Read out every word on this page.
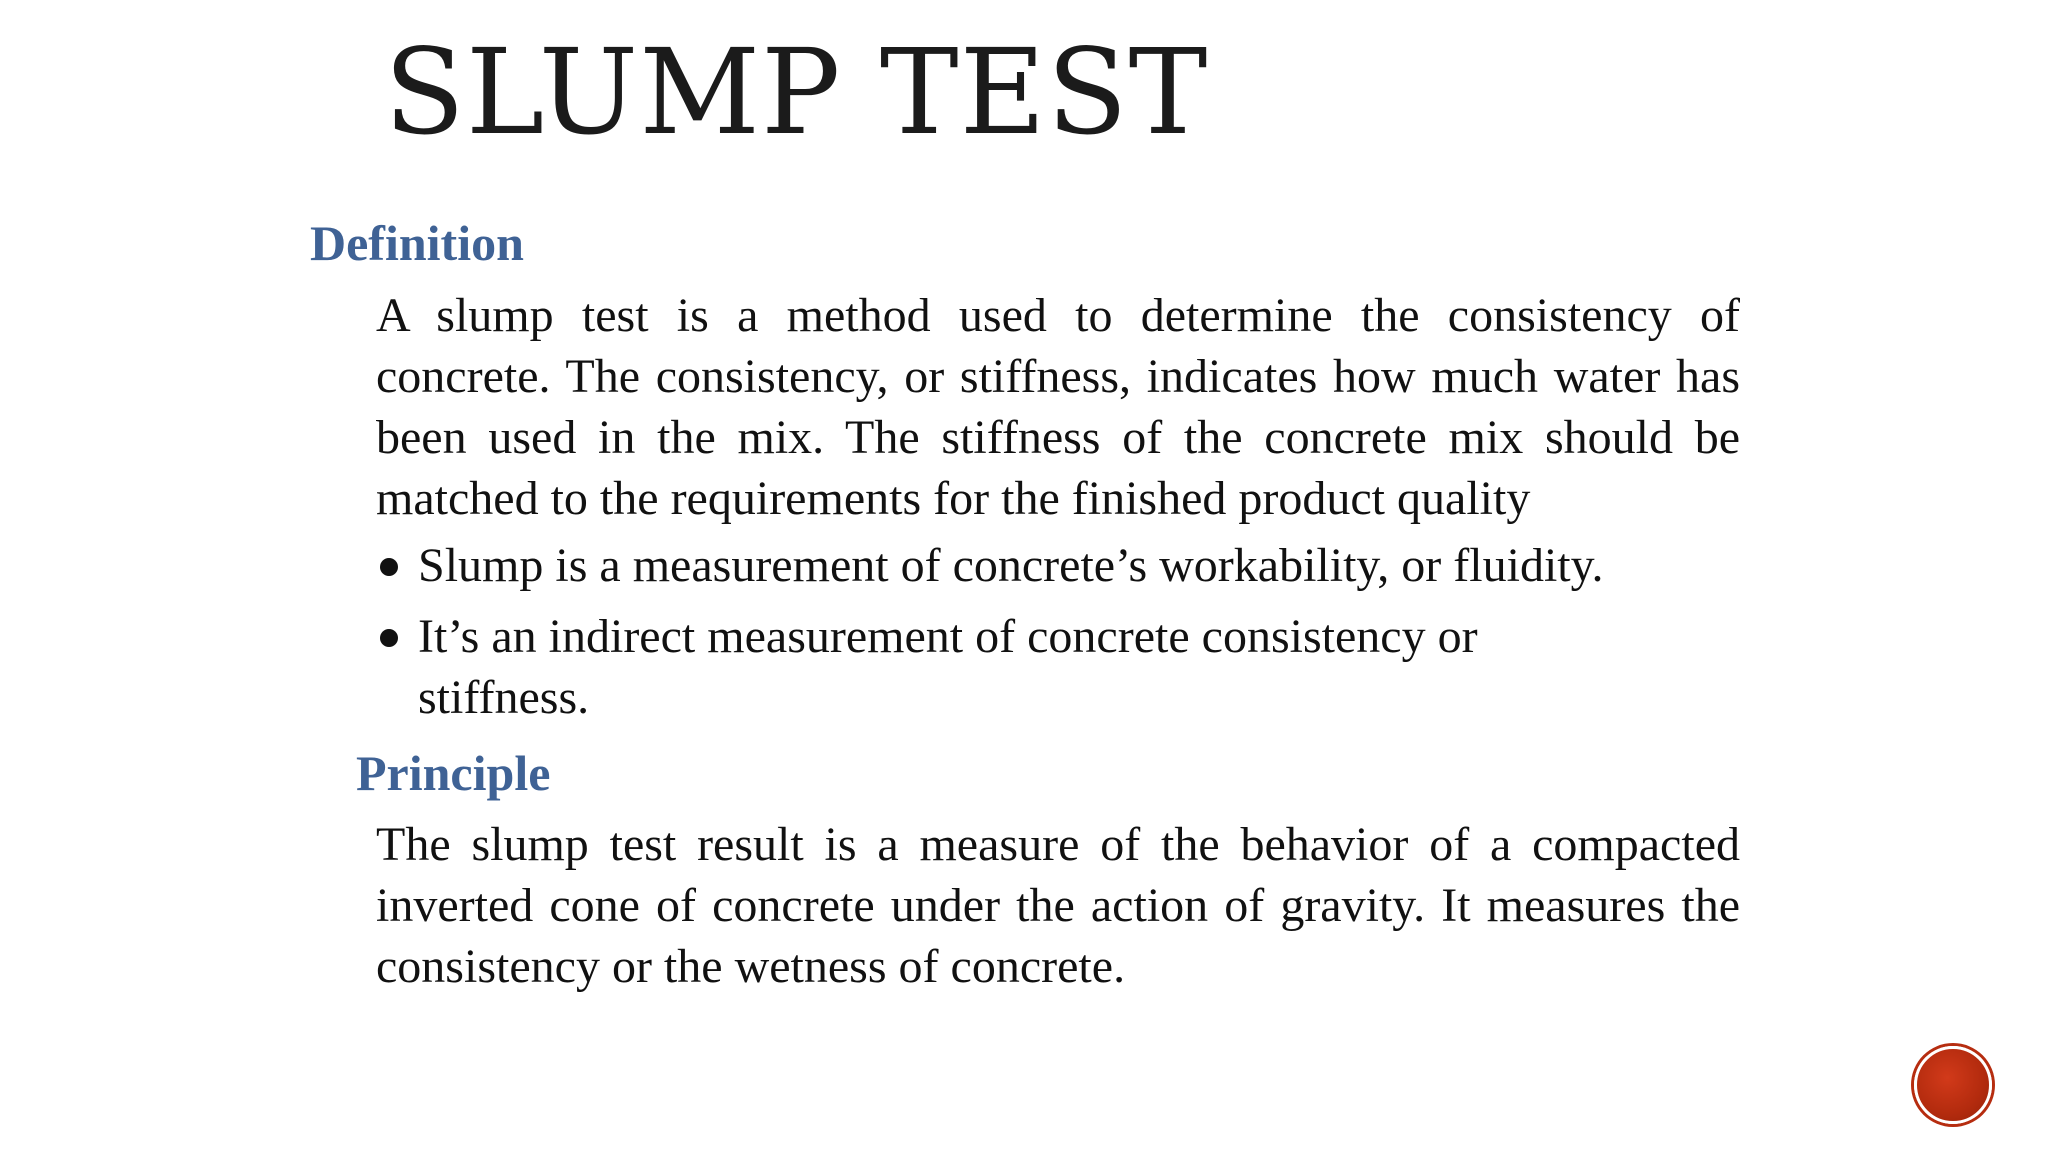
SLUMP TEST
Definition

A slump test is a method used to determine the consistency of concrete. The consistency, or stiffness, indicates how much water has been used in the mix. The stiffness of the concrete mix should be matched to the requirements for the finished product quality

Slump is a measurement of concrete’s workability, or fluidity.
It’s an indirect measurement of concrete consistency or stiffness.
Principle

The slump test result is a measure of the behavior of a compacted inverted cone of concrete under the action of gravity. It measures the consistency or the wetness of concrete.
